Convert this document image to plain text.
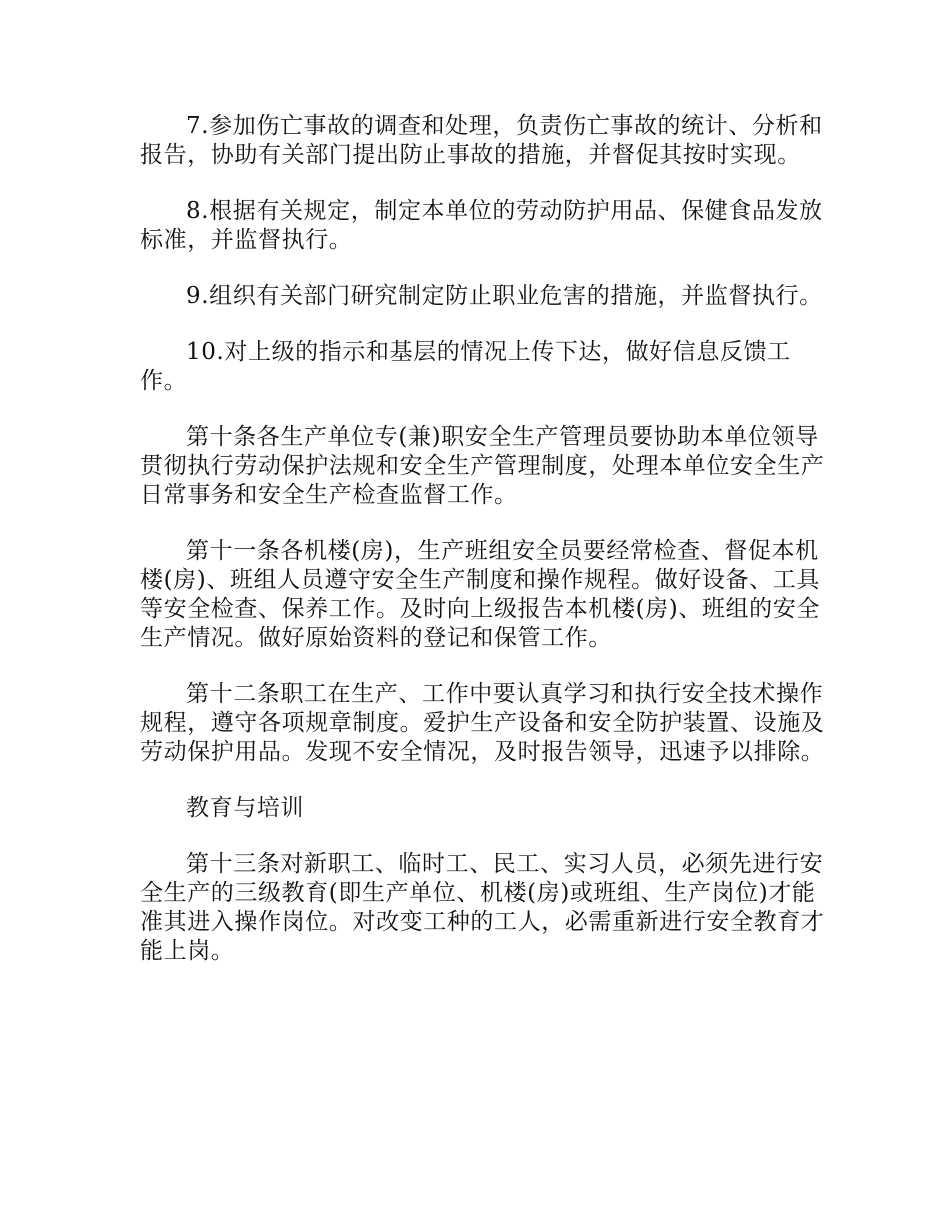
7.参加伤亡事故的调查和处理，负责伤亡事故的统计、分析和报告，协助有关部门提出防止事故的措施，并督促其按时实现。

8.根据有关规定，制定本单位的劳动防护用品、保健食品发放标准，并监督执行。

9.组织有关部门研究制定防止职业危害的措施，并监督执行。

10.对上级的指示和基层的情况上传下达，做好信息反馈工作。

第十条各生产单位专(兼)职安全生产管理员要协助本单位领导贯彻执行劳动保护法规和安全生产管理制度，处理本单位安全生产日常事务和安全生产检查监督工作。

第十一条各机楼(房)，生产班组安全员要经常检查、督促本机楼(房)、班组人员遵守安全生产制度和操作规程。做好设备、工具等安全检查、保养工作。及时向上级报告本机楼(房)、班组的安全生产情况。做好原始资料的登记和保管工作。

第十二条职工在生产、工作中要认真学习和执行安全技术操作规程，遵守各项规章制度。爱护生产设备和安全防护装置、设施及劳动保护用品。发现不安全情况，及时报告领导，迅速予以排除。

教育与培训

第十三条对新职工、临时工、民工、实习人员，必须先进行安全生产的三级教育(即生产单位、机楼(房)或班组、生产岗位)才能准其进入操作岗位。对改变工种的工人，必需重新进行安全教育才能上岗。
